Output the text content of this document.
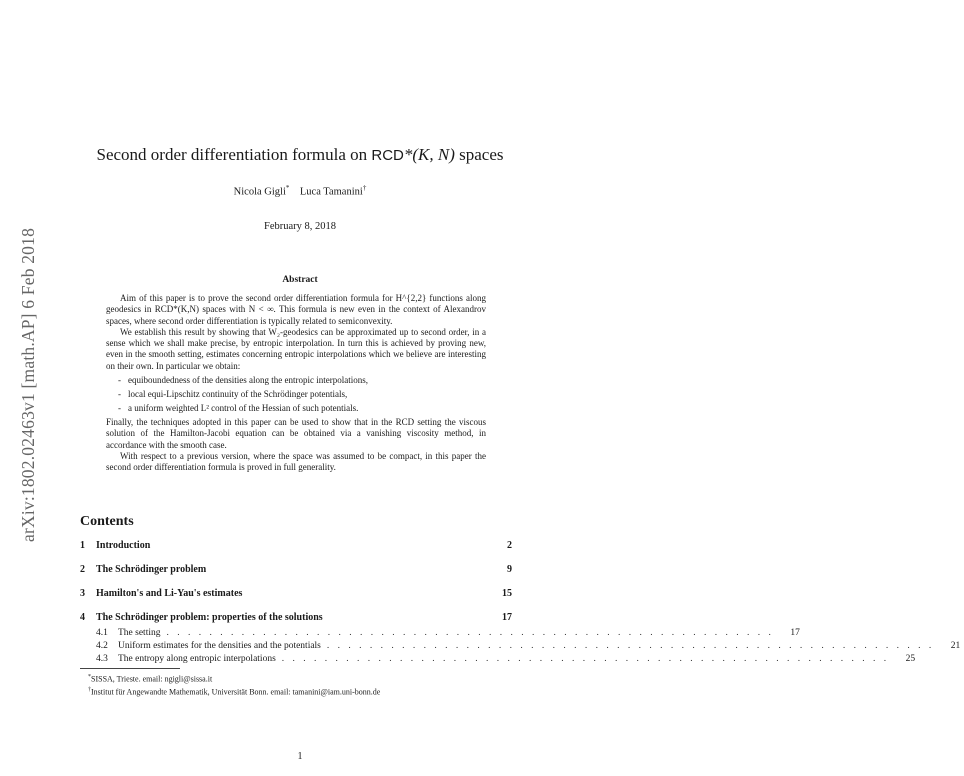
arXiv:1802.02463v1 [math.AP] 6 Feb 2018
Second order differentiation formula on RCD*(K, N) spaces
Nicola Gigli* Luca Tamanini†
February 8, 2018
Abstract

Aim of this paper is to prove the second order differentiation formula for H^{2,2} functions along geodesics in RCD*(K,N) spaces with N < ∞. This formula is new even in the context of Alexandrov spaces, where second order differentiation is typically related to semiconvexity.

We establish this result by showing that W₂-geodesics can be approximated up to second order, in a sense which we shall make precise, by entropic interpolation. In turn this is achieved by proving new, even in the smooth setting, estimates concerning entropic interpolations which we believe are interesting on their own. In particular we obtain:

- equiboundedness of the densities along the entropic interpolations,
- local equi-Lipschitz continuity of the Schrödinger potentials,
- a uniform weighted L² control of the Hessian of such potentials.

Finally, the techniques adopted in this paper can be used to show that in the RCD setting the viscous solution of the Hamilton-Jacobi equation can be obtained via a vanishing viscosity method, in accordance with the smooth case.

With respect to a previous version, where the space was assumed to be compact, in this paper the second order differentiation formula is proved in full generality.

Contents
1 Introduction	2
2 The Schrödinger problem	9
3 Hamilton's and Li-Yau's estimates	15
4 The Schrödinger problem: properties of the solutions	17
4.1	The setting . . . . . . . . . . . . . . . . . . . . . . . . . . . . . . . . . . . . . . . . . . . . . . . . . . . . . . . . .	17
4.2	Uniform estimates for the densities and the potentials . . . . . . . . . . . . . . . . . . . . . . . . . . . . . . . . . . . . . . . . . . . . . . . . . . . . . . . . .	21
4.3	The entropy along entropic interpolations . . . . . . . . . . . . . . . . . . . . . . . . . . . . . . . . . . . . . . . . . . . . . . . . . . . . . . . . .	25

*SISSA, Trieste. email: ngigli@sissa.it

†Institut für Angewandte Mathematik, Universität Bonn. email: tamanini@iam.uni-bonn.de

1
